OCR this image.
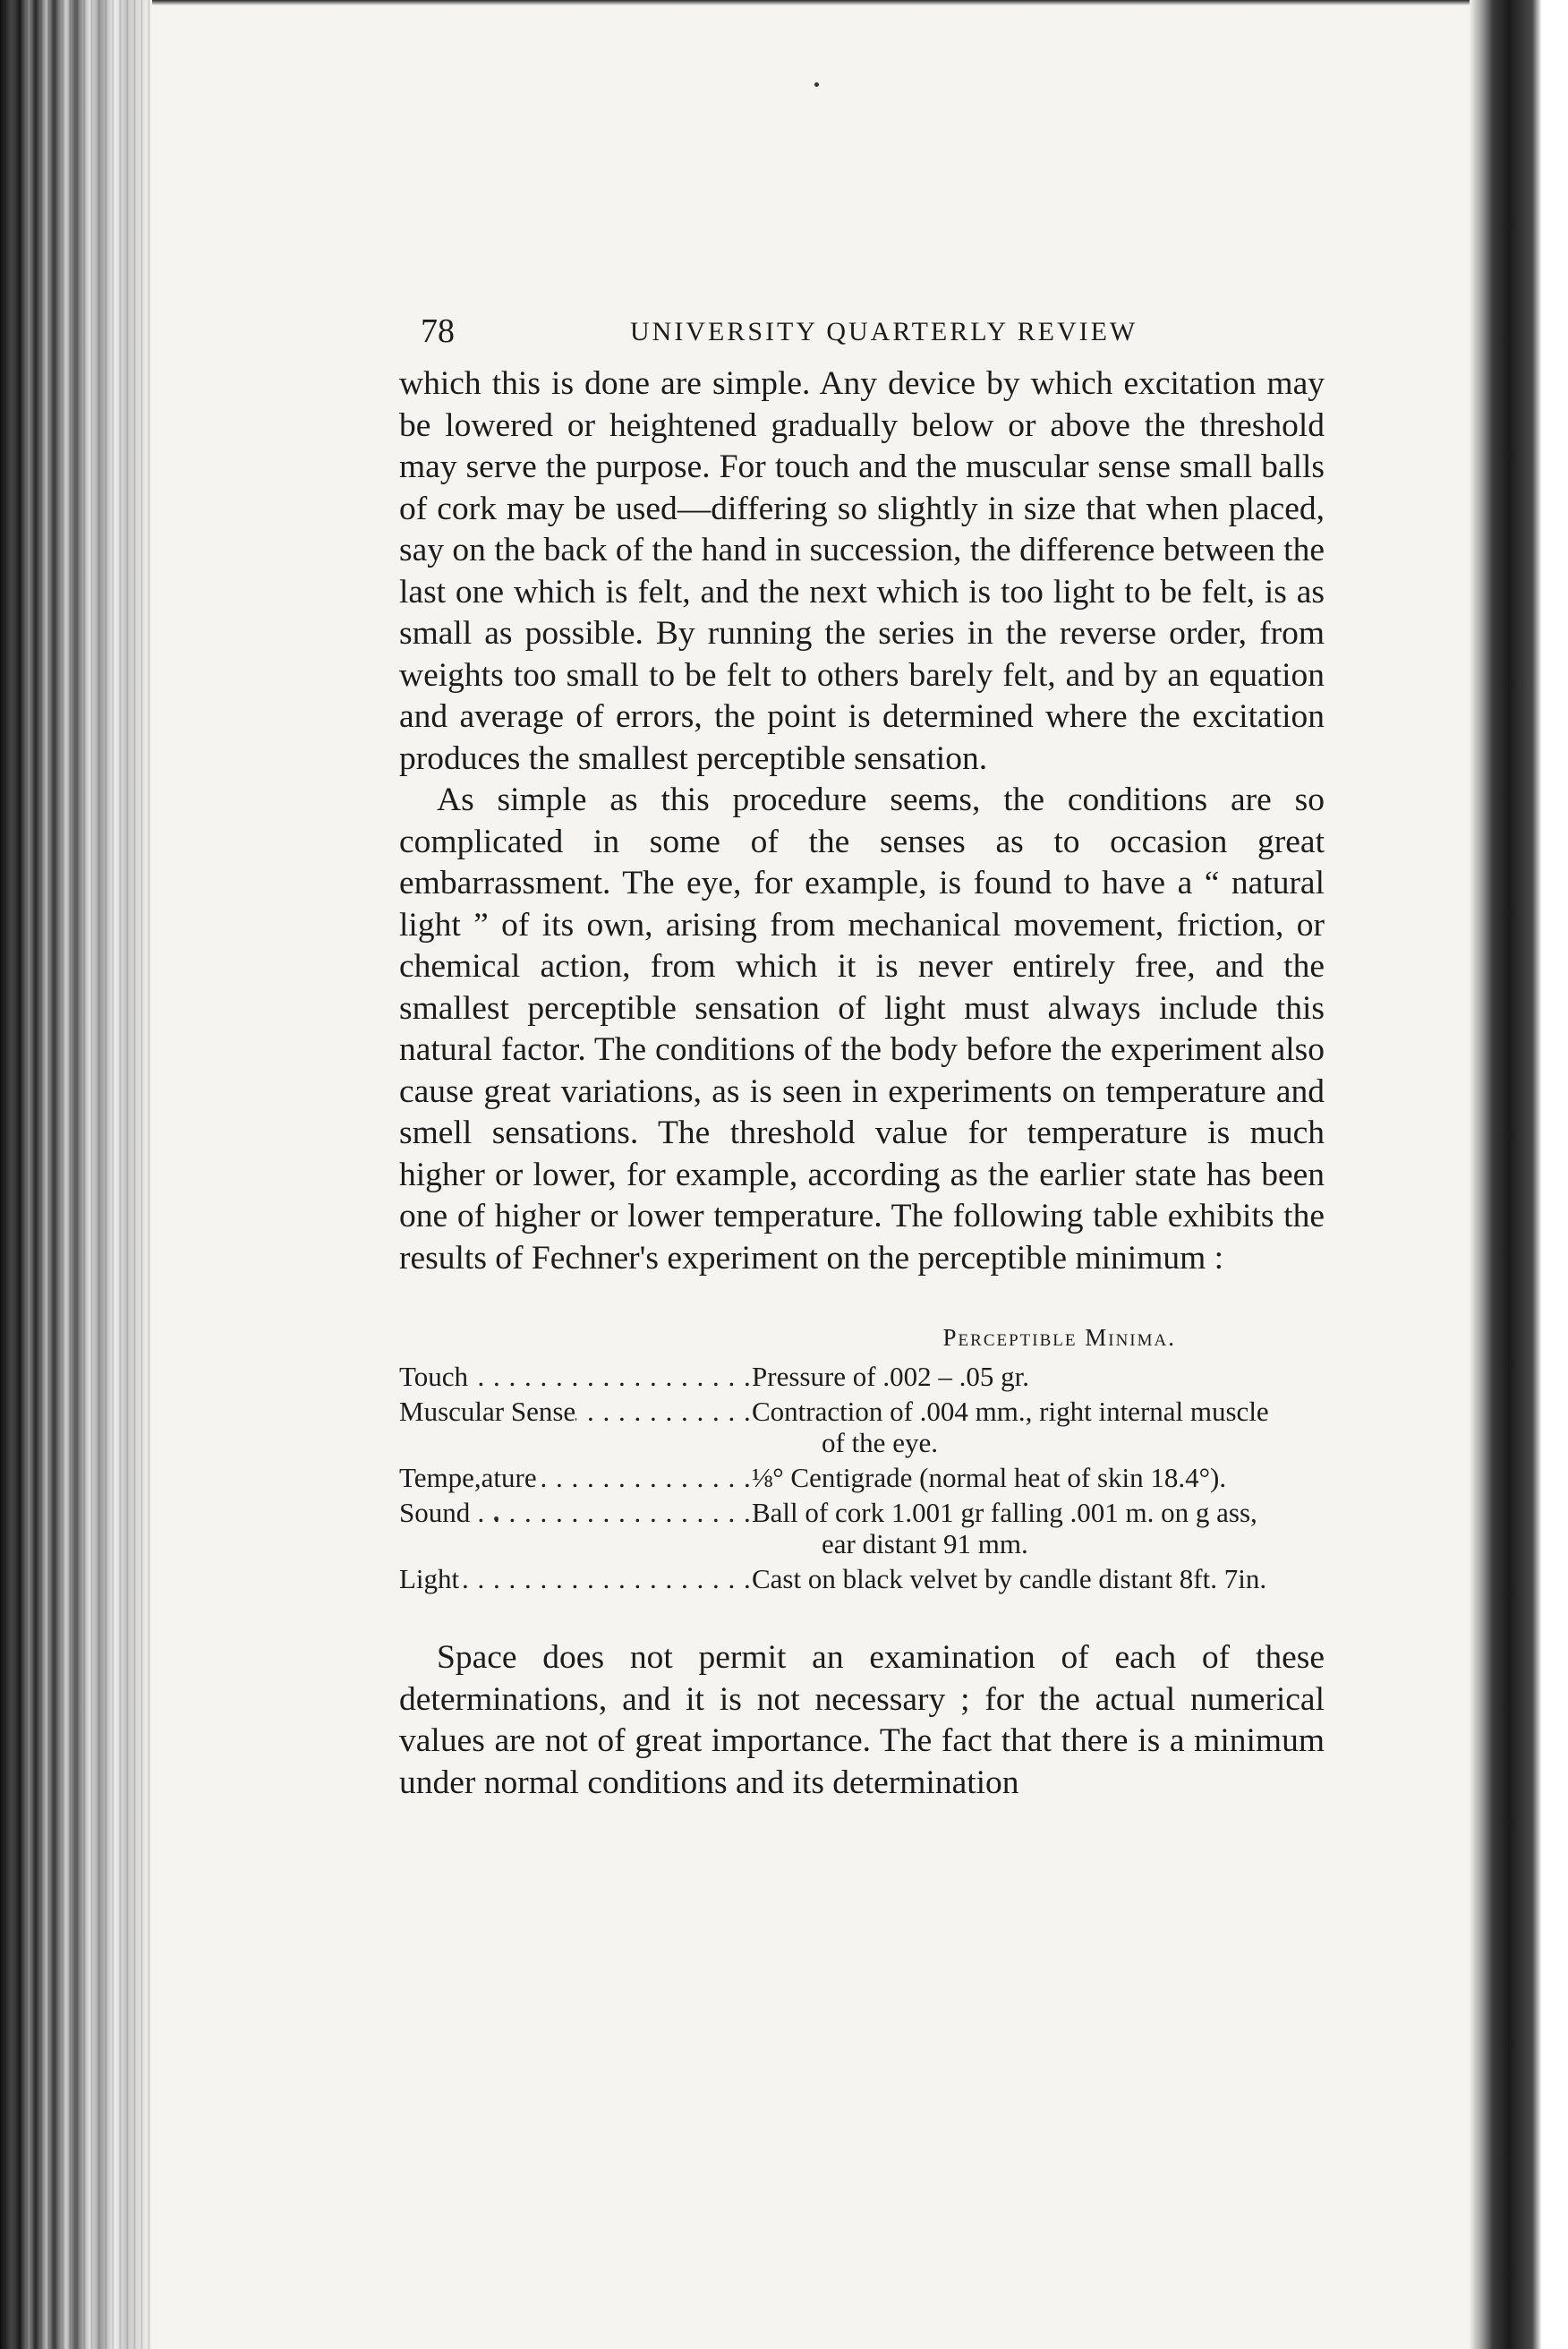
78	UNIVERSITY QUARTERLY REVIEW

which this is done are simple. Any device by which excitation may be lowered or heightened gradually below or above the threshold may serve the purpose. For touch and the muscular sense small balls of cork may be used—differing so slightly in size that when placed, say on the back of the hand in succession, the difference between the last one which is felt, and the next which is too light to be felt, is as small as possible. By running the series in the reverse order, from weights too small to be felt to others barely felt, and by an equation and average of errors, the point is determined where the excitation produces the smallest perceptible sensation.

As simple as this procedure seems, the conditions are so complicated in some of the senses as to occasion great embarrassment. The eye, for example, is found to have a “ natural light ” of its own, arising from mechanical movement, friction, or chemical action, from which it is never entirely free, and the smallest perceptible sensation of light must always include this natural factor. The conditions of the body before the experiment also cause great variations, as is seen in experiments on temperature and smell sensations. The threshold value for temperature is much higher or lower, for example, according as the earlier state has been one of higher or lower temperature. The following table exhibits the results of Fechner's experiment on the perceptible minimum :

Perceptible Minima.
Touch . . .	Pressure of .002 – .05 gr.
Muscular Sense . . .	Contraction of .004 mm., right internal muscle
of the eye.
Tempe,ature . . .	⅛° Centigrade (normal heat of skin 18.4°).
Sound . . .	Ball of cork 1.001 gr falling .001 m. on g ass,
ear distant 91 mm.
Light . . .	Cast on black velvet by candle distant 8ft. 7in.

Space does not permit an examination of each of these determinations, and it is not necessary ; for the actual numerical values are not of great importance. The fact that there is a minimum under normal conditions and its determination
